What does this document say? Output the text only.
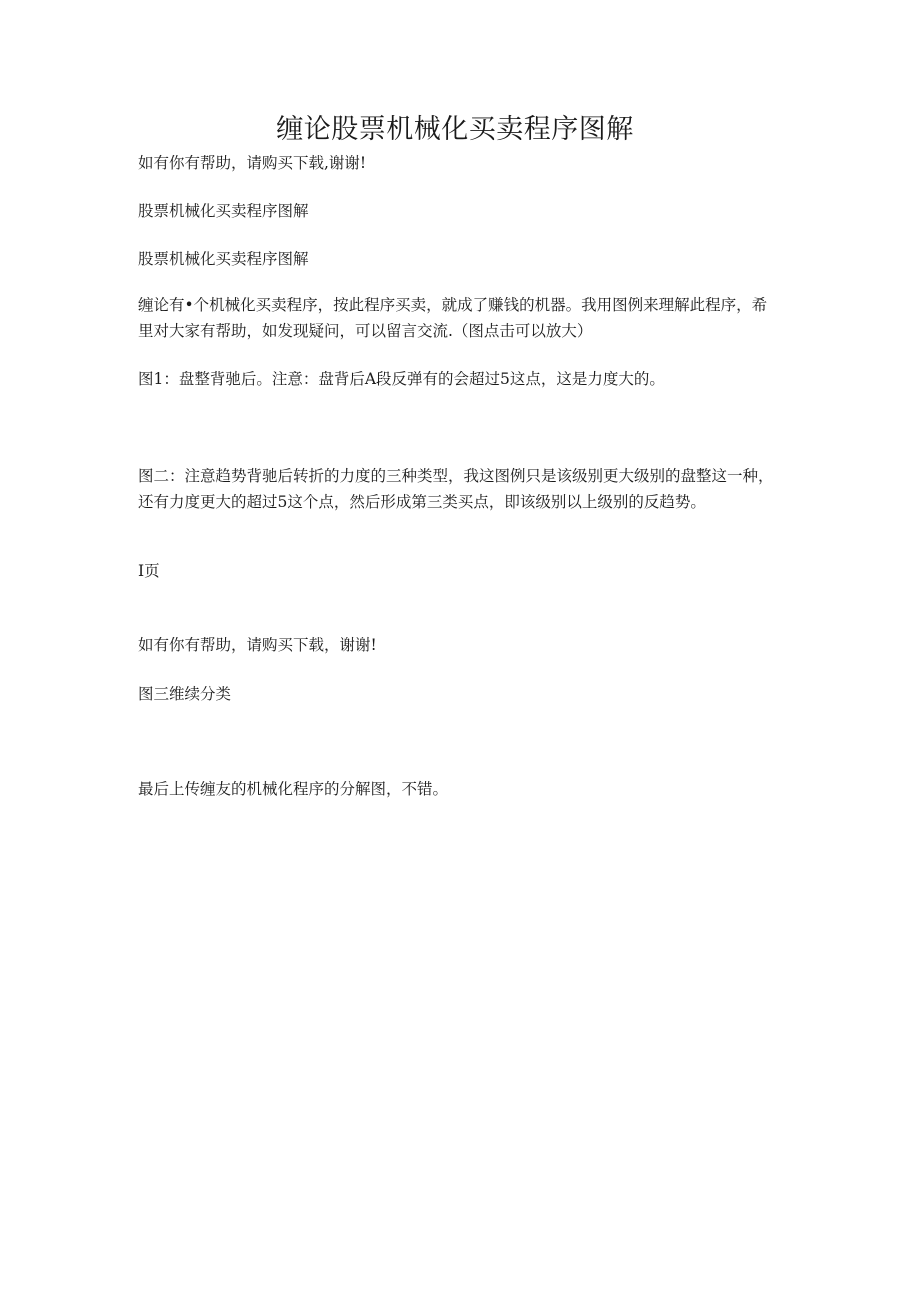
缠论股票机械化买卖程序图解

如有你有帮助，请购买下载,谢谢!

股票机械化买卖程序图解

股票机械化买卖程序图解

缠论有•个机械化买卖程序，按此程序买卖，就成了赚钱的机器。我用图例来理解此程序，希里对大家有帮助，如发现疑问，可以留言交流.（图点击可以放大）

图1：盘整背驰后。注意：盘背后A段反弹有的会超过5这点，这是力度大的。

图二：注意趋势背驰后转折的力度的三种类型，我这图例只是该级别更大级别的盘整这一种，还有力度更大的超过5这个点，然后形成第三类买点，即该级别以上级别的反趋势。

I页

如有你有帮助，请购买下载，谢谢!

图三维续分类

最后上传缠友的机械化程序的分解图，不错。
